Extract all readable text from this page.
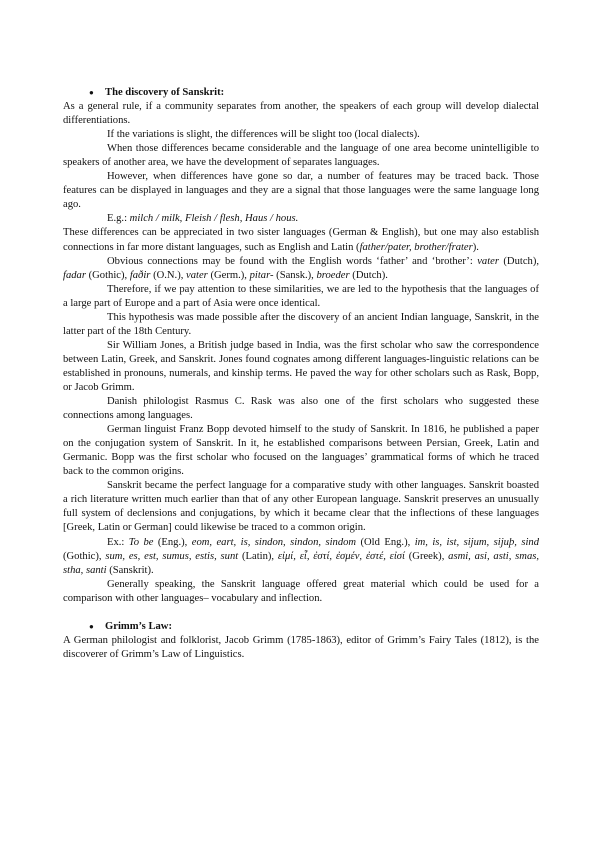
●	The discovery of Sanskrit:

As a general rule, if a community separates from another, the speakers of each group will develop dialectal differentiations.

If the variations is slight, the differences will be slight too (local dialects).

When those differences became considerable and the language of one area become unintelligible to speakers of another area, we have the development of separates languages.

However, when differences have gone so dar, a number of features may be traced back. Those features can be displayed in languages and they are a signal that those languages were the same language long ago.

E.g.: milch / milk, Fleish / flesh, Haus / hous.

These differences can be appreciated in two sister languages (German & English), but one may also establish connections in far more distant languages, such as English and Latin (father/pater, brother/frater).

Obvious connections may be found with the English words ‘father’ and ‘brother’: vater (Dutch), fadar (Gothic), faðir (O.N.), vater (Germ.), pitar- (Sansk.), broeder (Dutch).

Therefore, if we pay attention to these similarities, we are led to the hypothesis that the languages of a large part of Europe and a part of Asia were once identical.

This hypothesis was made possible after the discovery of an ancient Indian language, Sanskrit, in the latter part of the 18th Century.

Sir William Jones, a British judge based in India, was the first scholar who saw the correspondence between Latin, Greek, and Sanskrit. Jones found cognates among different languages-linguistic relations can be established in pronouns, numerals, and kinship terms. He paved the way for other scholars such as Rask, Bopp, or Jacob Grimm.

Danish philologist Rasmus C. Rask was also one of the first scholars who suggested these connections among languages.

German linguist Franz Bopp devoted himself to the study of Sanskrit. In 1816, he published a paper on the conjugation system of Sanskrit. In it, he established comparisons between Persian, Greek, Latin and Germanic. Bopp was the first scholar who focused on the languages’ grammatical forms of which he traced back to the common origins.

Sanskrit became the perfect language for a comparative study with other languages. Sanskrit boasted a rich literature written much earlier than that of any other European language. Sanskrit preserves an unusually full system of declensions and conjugations, by which it became clear that the inflections of these languages [Greek, Latin or German] could likewise be traced to a common origin.

Ex.: To be (Eng.), eom, eart, is, sindon, sindon, sindom (Old Eng.), im, is, ist, sijum, sijuþ, sind (Gothic), sum, es, est, sumus, estis, sunt (Latin), εἰμί, εἶ, ἐστί, ἐσμέν, ἐστέ, εἰσί (Greek), asmi, asi, asti, smas, stha, santi (Sanskrit).

Generally speaking, the Sanskrit language offered great material which could be used for a comparison with other languages– vocabulary and inflection.

●	Grimm’s Law:

A German philologist and folklorist, Jacob Grimm (1785-1863), editor of Grimm’s Fairy Tales (1812), is the discoverer of Grimm’s Law of Linguistics.
